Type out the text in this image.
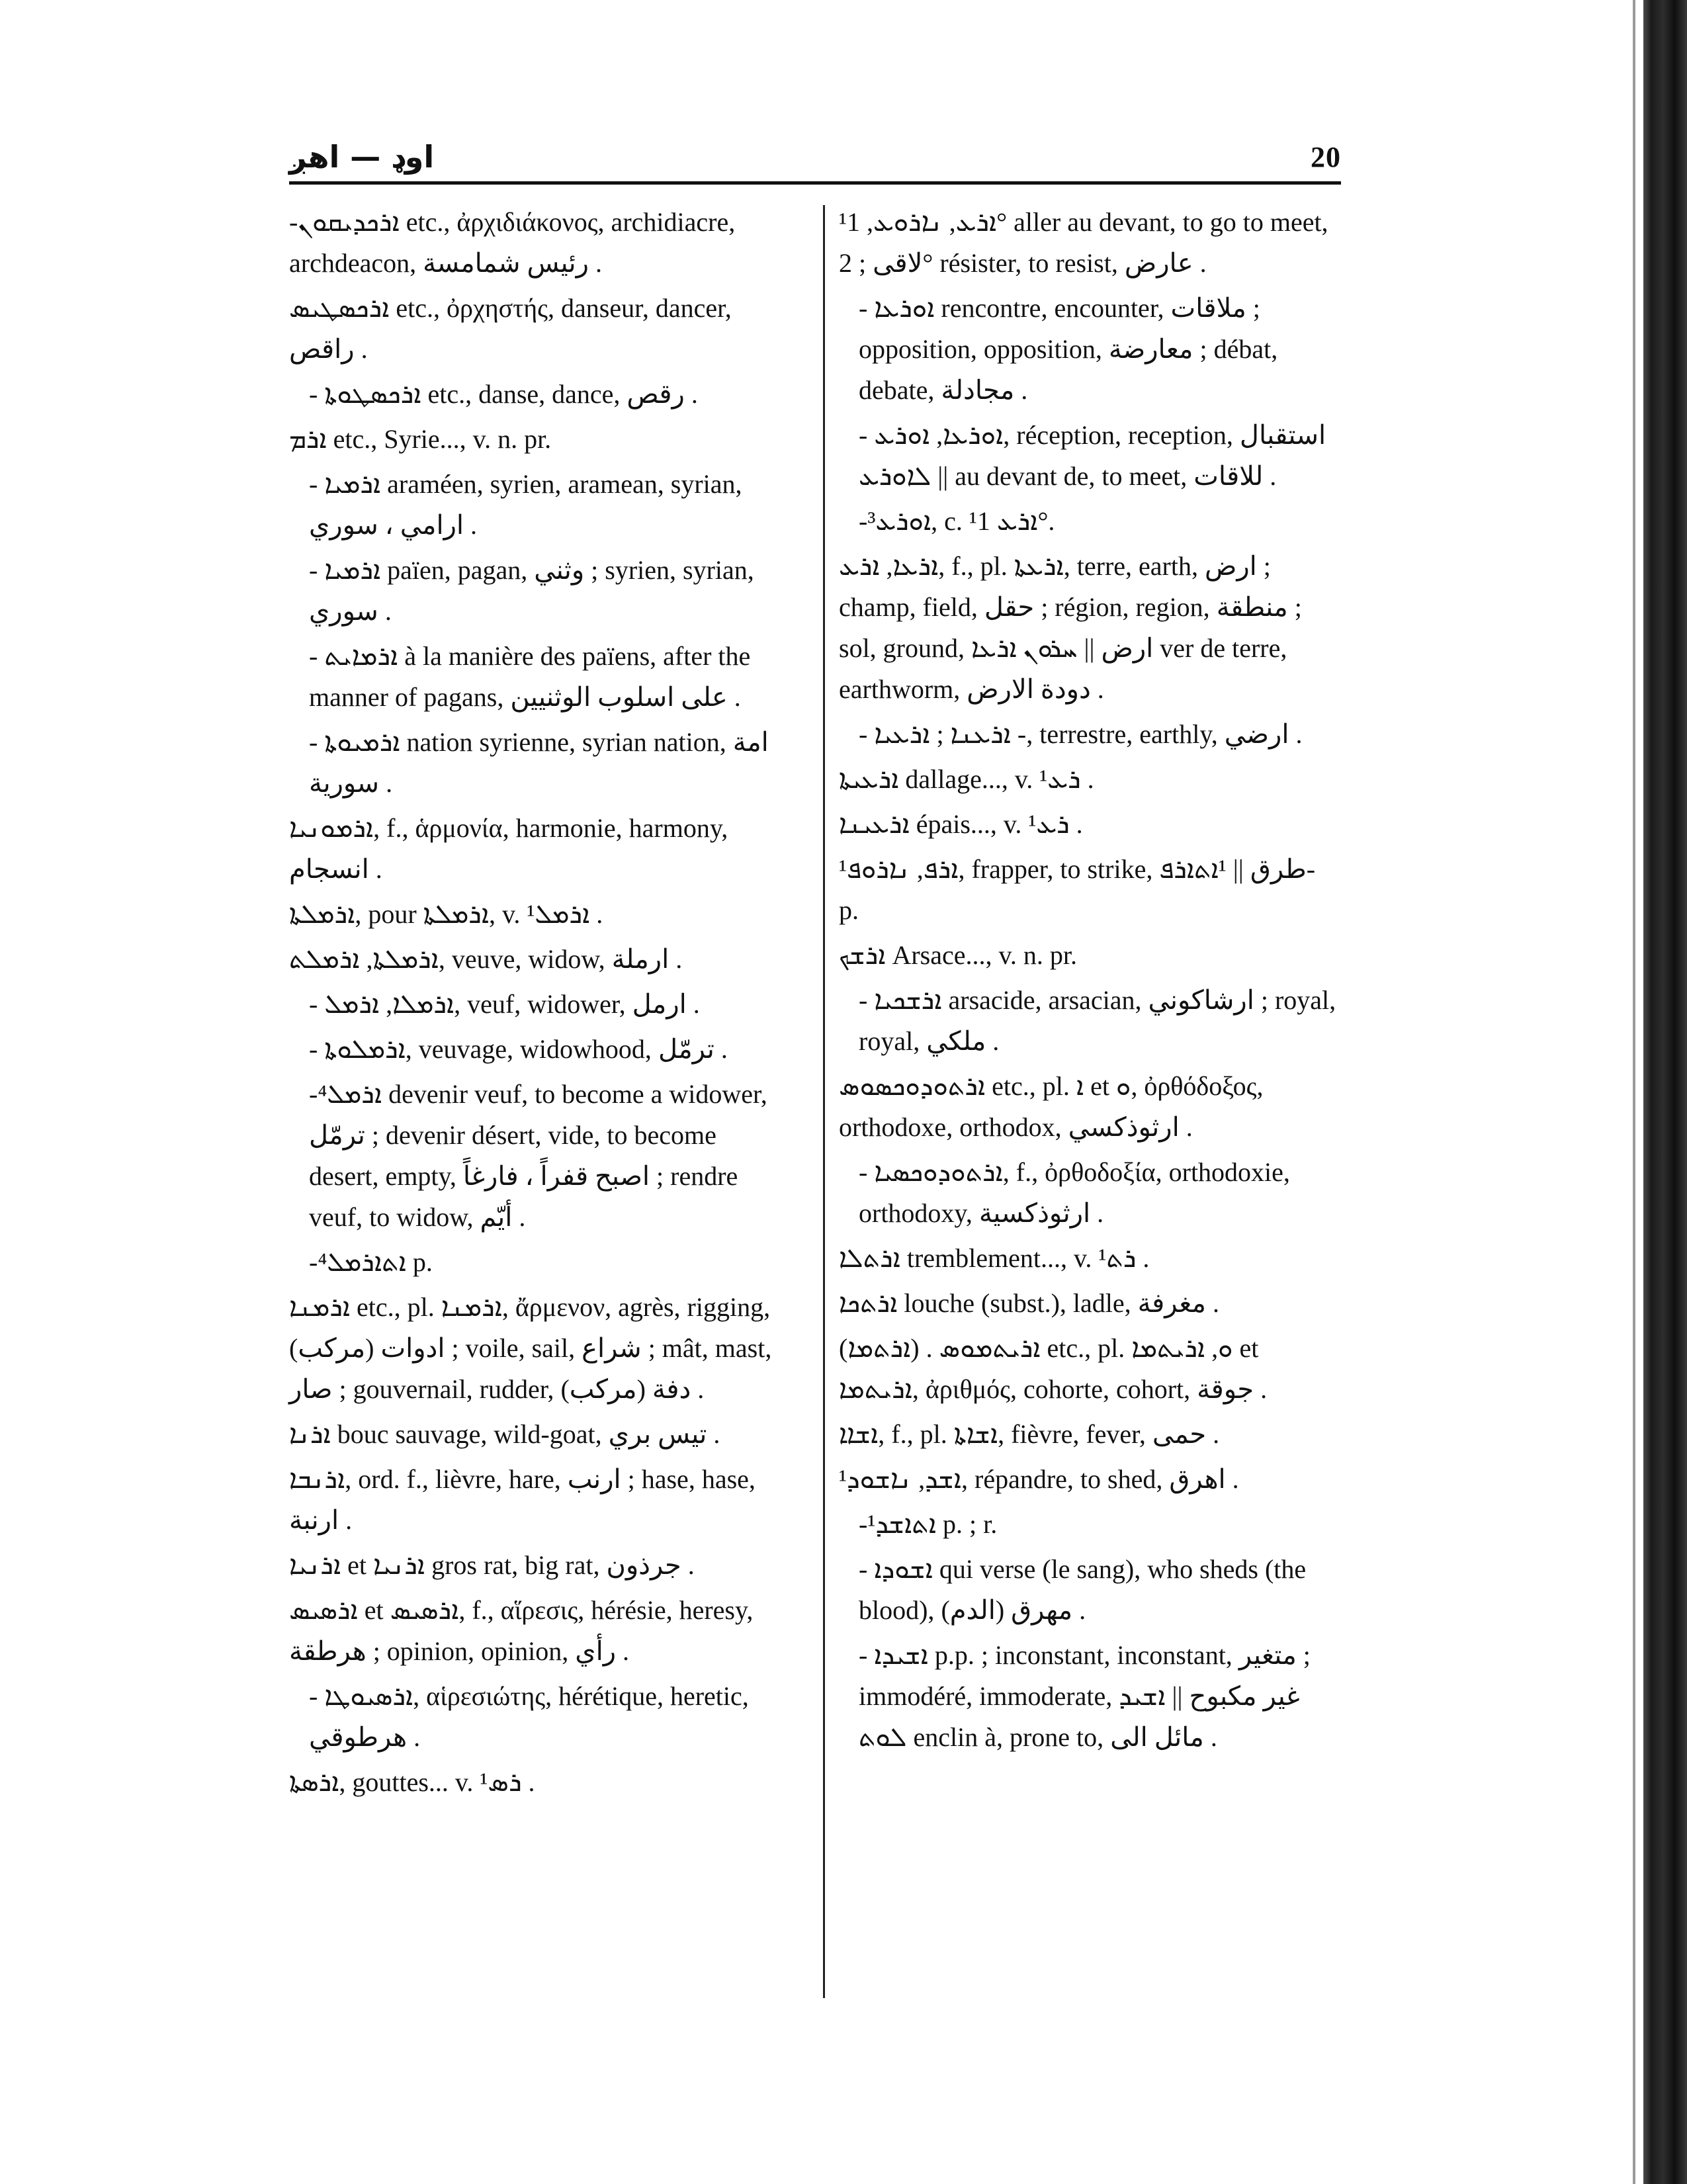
اوډ — اهږ	20

-ܐܪܟܕܝܩܘܢ etc., ἀρχιδιάκονος, archidiacre, archdeacon, رئيس شمامسة .

ܐܪܟܣܛܝܣ etc., ὀρχηστής, danseur, dancer, راقص .

- ܐܪܟܣܛܘܬܐ etc., danse, dance, رقص .

ܐܪܡ etc., Syrie..., v. n. pr.

- ܐܪܡܝܐ araméen, syrien, aramean, syrian, ارامي ، سوري .

- ܐܪܡܝܐ païen, pagan, وثني ; syrien, syrian, سوري .

- ܐܪܡܐܝܬ à la manière des païens, after the manner of pagans, على اسلوب الوثنيين .

- ܐܪܡܝܘܬܐ nation syrienne, syrian nation, امة سورية .

ܐܪܡܘܢܝܐ, f., ἁρμονία, harmonie, harmony, انسجام .

ܐܪܡܠܬܐ, pour ܐܪܡܠܬܐ, v. ¹ܐܪܡܠ .

ܐܪܡܠܬܐ, ܐܪܡܠܬ, veuve, widow, ارملة .

- ܐܪܡܠܐ, ܐܪܡܠ, veuf, widower, ارمل .

- ܐܪܡܠܘܬܐ, veuvage, widowhood, ترمّل .

-⁴ܐܪܡܠ devenir veuf, to become a widower, ترمّل ; devenir désert, vide, to become desert, empty, اصبح قفراً ، فارغاً ; rendre veuf, to widow, أيّم .

-⁴ܐܬܐܪܡܠ p.

ܐܪܡܢܐ etc., pl. ܐܪܡܢܐ, ἄρμενον, agrès, rigging, ادوات (مركب) ; voile, sail, شراع ; mât, mast, صار ; gouvernail, rudder, دفة (مركب) .

ܐܪܢܐ bouc sauvage, wild-goat, تيس بري .

ܐܪܢܒܐ, ord. f., lièvre, hare, ارنب ; hase, hase, ارنبة .

ܐܪܢܝܐ et ܐܪܢܝܐ gros rat, big rat, جرذون .

ܐܪܣܝܣ et ܐܪܣܝܣ, f., αἵρεσις, hérésie, heresy, هرطقة ; opinion, opinion, رأي .

- ܐܪܣܝܘܛܐ, αἱρεσιώτης, hérétique, heretic, هرطوقي .

ܐܪܣܬܐ, gouttes... v. ¹ܪܣ .

¹ܐܪܥ, ܢܐܪܘܥ, 1° aller au devant, to go to meet, لاقى ; 2° résister, to resist, عارض .

- ܐܘܪܥܐ rencontre, encounter, ملاقات ; opposition, opposition, معارضة ; débat, debate, مجادلة .

- ܐܘܪܥܐ, ܐܘܪܥ, réception, reception, استقبال || ܠܐܘܪܥ au devant de, to meet, للاقات .

-³ܐܘܪܥ, c. ¹ܐܪܥ 1°.

ܐܪܥܐ, ܐܪܥ, f., pl. ܐܪܥܬܐ, terre, earth, ارض ; champ, field, حقل ; région, region, منطقة ; sol, ground, ارض || ܚܪܘܢ ܐܪܥܐ ver de terre, earthworm, دودة الارض .

- ܐܪܥܢܐ ; ܐܪܥܝܐ -, terrestre, earthly, ارضي .

ܐܪܥܝܬܐ dallage..., v. ¹ܪܥ .

ܐܪܥܝܢܐ épais..., v. ¹ܪܥ .

¹ܐܪܦ, ܢܐܪܘܦ, frapper, to strike, طرق || ¹ܐܬܐܪܦ- p.

ܐܪܫܟ Arsace..., v. n. pr.

- ܐܪܫܟܝܐ arsacide, arsacian, ارشاكوني ; royal, royal, ملكي .

ܐܪܬܘܕܘܟܣܘܣ etc., pl. ܐ et ܘ, ὀρθόδοξος, orthodoxe, orthodox, ارثوذكسي .

- ܐܪܬܘܕܘܟܣܝܐ, f., ὀρθοδοξία, orthodoxie, orthodoxy, ارثوذكسية .

ܐܪܬܠܐ tremblement..., v. ¹ܪܬ .

ܐܪܬܟܐ louche (subst.), ladle, مغرفة .

(ܐܪܬܡܐ) . ܐܪܝܬܡܘܣ etc., pl. ܘ, ܐܪܝܬܡܐ et ܐܪܝܬܡܐ, ἀριθμός, cohorte, cohort, جوقة .

ܐܫܐܐ, f., pl. ܐܫܐܬܐ, fièvre, fever, حمى .

¹ܐܫܕ, ܢܐܫܘܕ, répandre, to shed, اهرق .

-¹ܐܬܐܫܕ p. ; r.

- ܐܫܘܕܐ qui verse (le sang), who sheds (the blood), مهرق (الدم) .

- ܐܫܝܕܐ p.p. ; inconstant, inconstant, متغير ; immodéré, immoderate, غير مكبوح || ܐܫܝܕ ܠܘܬ enclin à, prone to, مائل الى .
